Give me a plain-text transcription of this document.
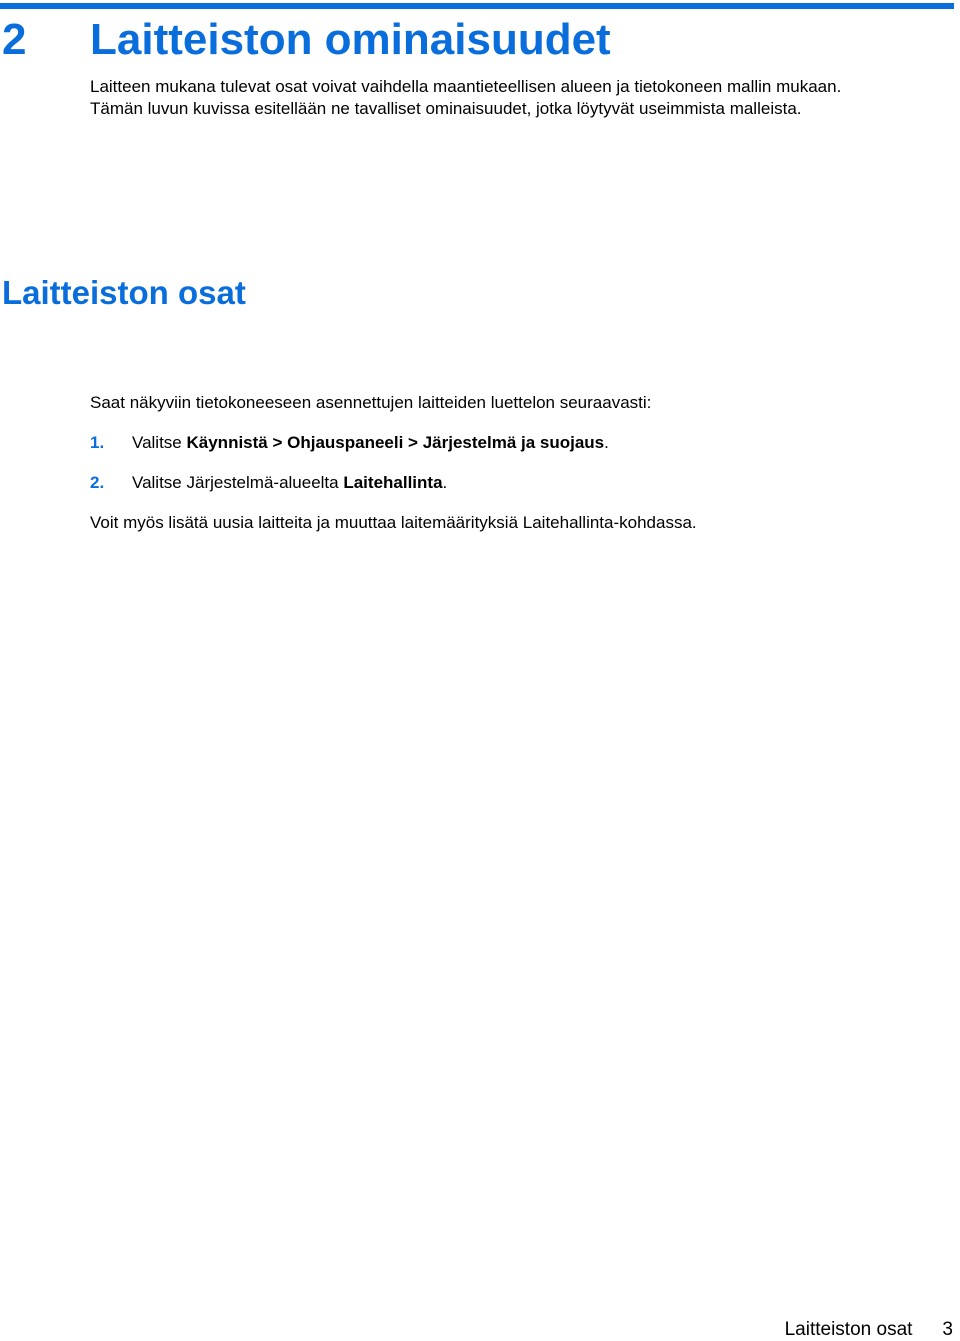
2 Laitteiston ominaisuudet
Laitteiston osat

Laitteen mukana tulevat osat voivat vaihdella maantieteellisen alueen ja tietokoneen mallin mukaan.

Tämän luvun kuvissa esitellään ne tavalliset ominaisuudet, jotka löytyvät useimmista malleista.

Saat näkyviin tietokoneeseen asennettujen laitteiden luettelon seuraavasti:

1. Valitse Käynnistä > Ohjauspaneeli > Järjestelmä ja suojaus.

2. Valitse Järjestelmä-alueelta Laitehallinta.

Voit myös lisätä uusia laitteita ja muuttaa laitemäärityksiä Laitehallinta-kohdassa.

Laitteiston osat 3
